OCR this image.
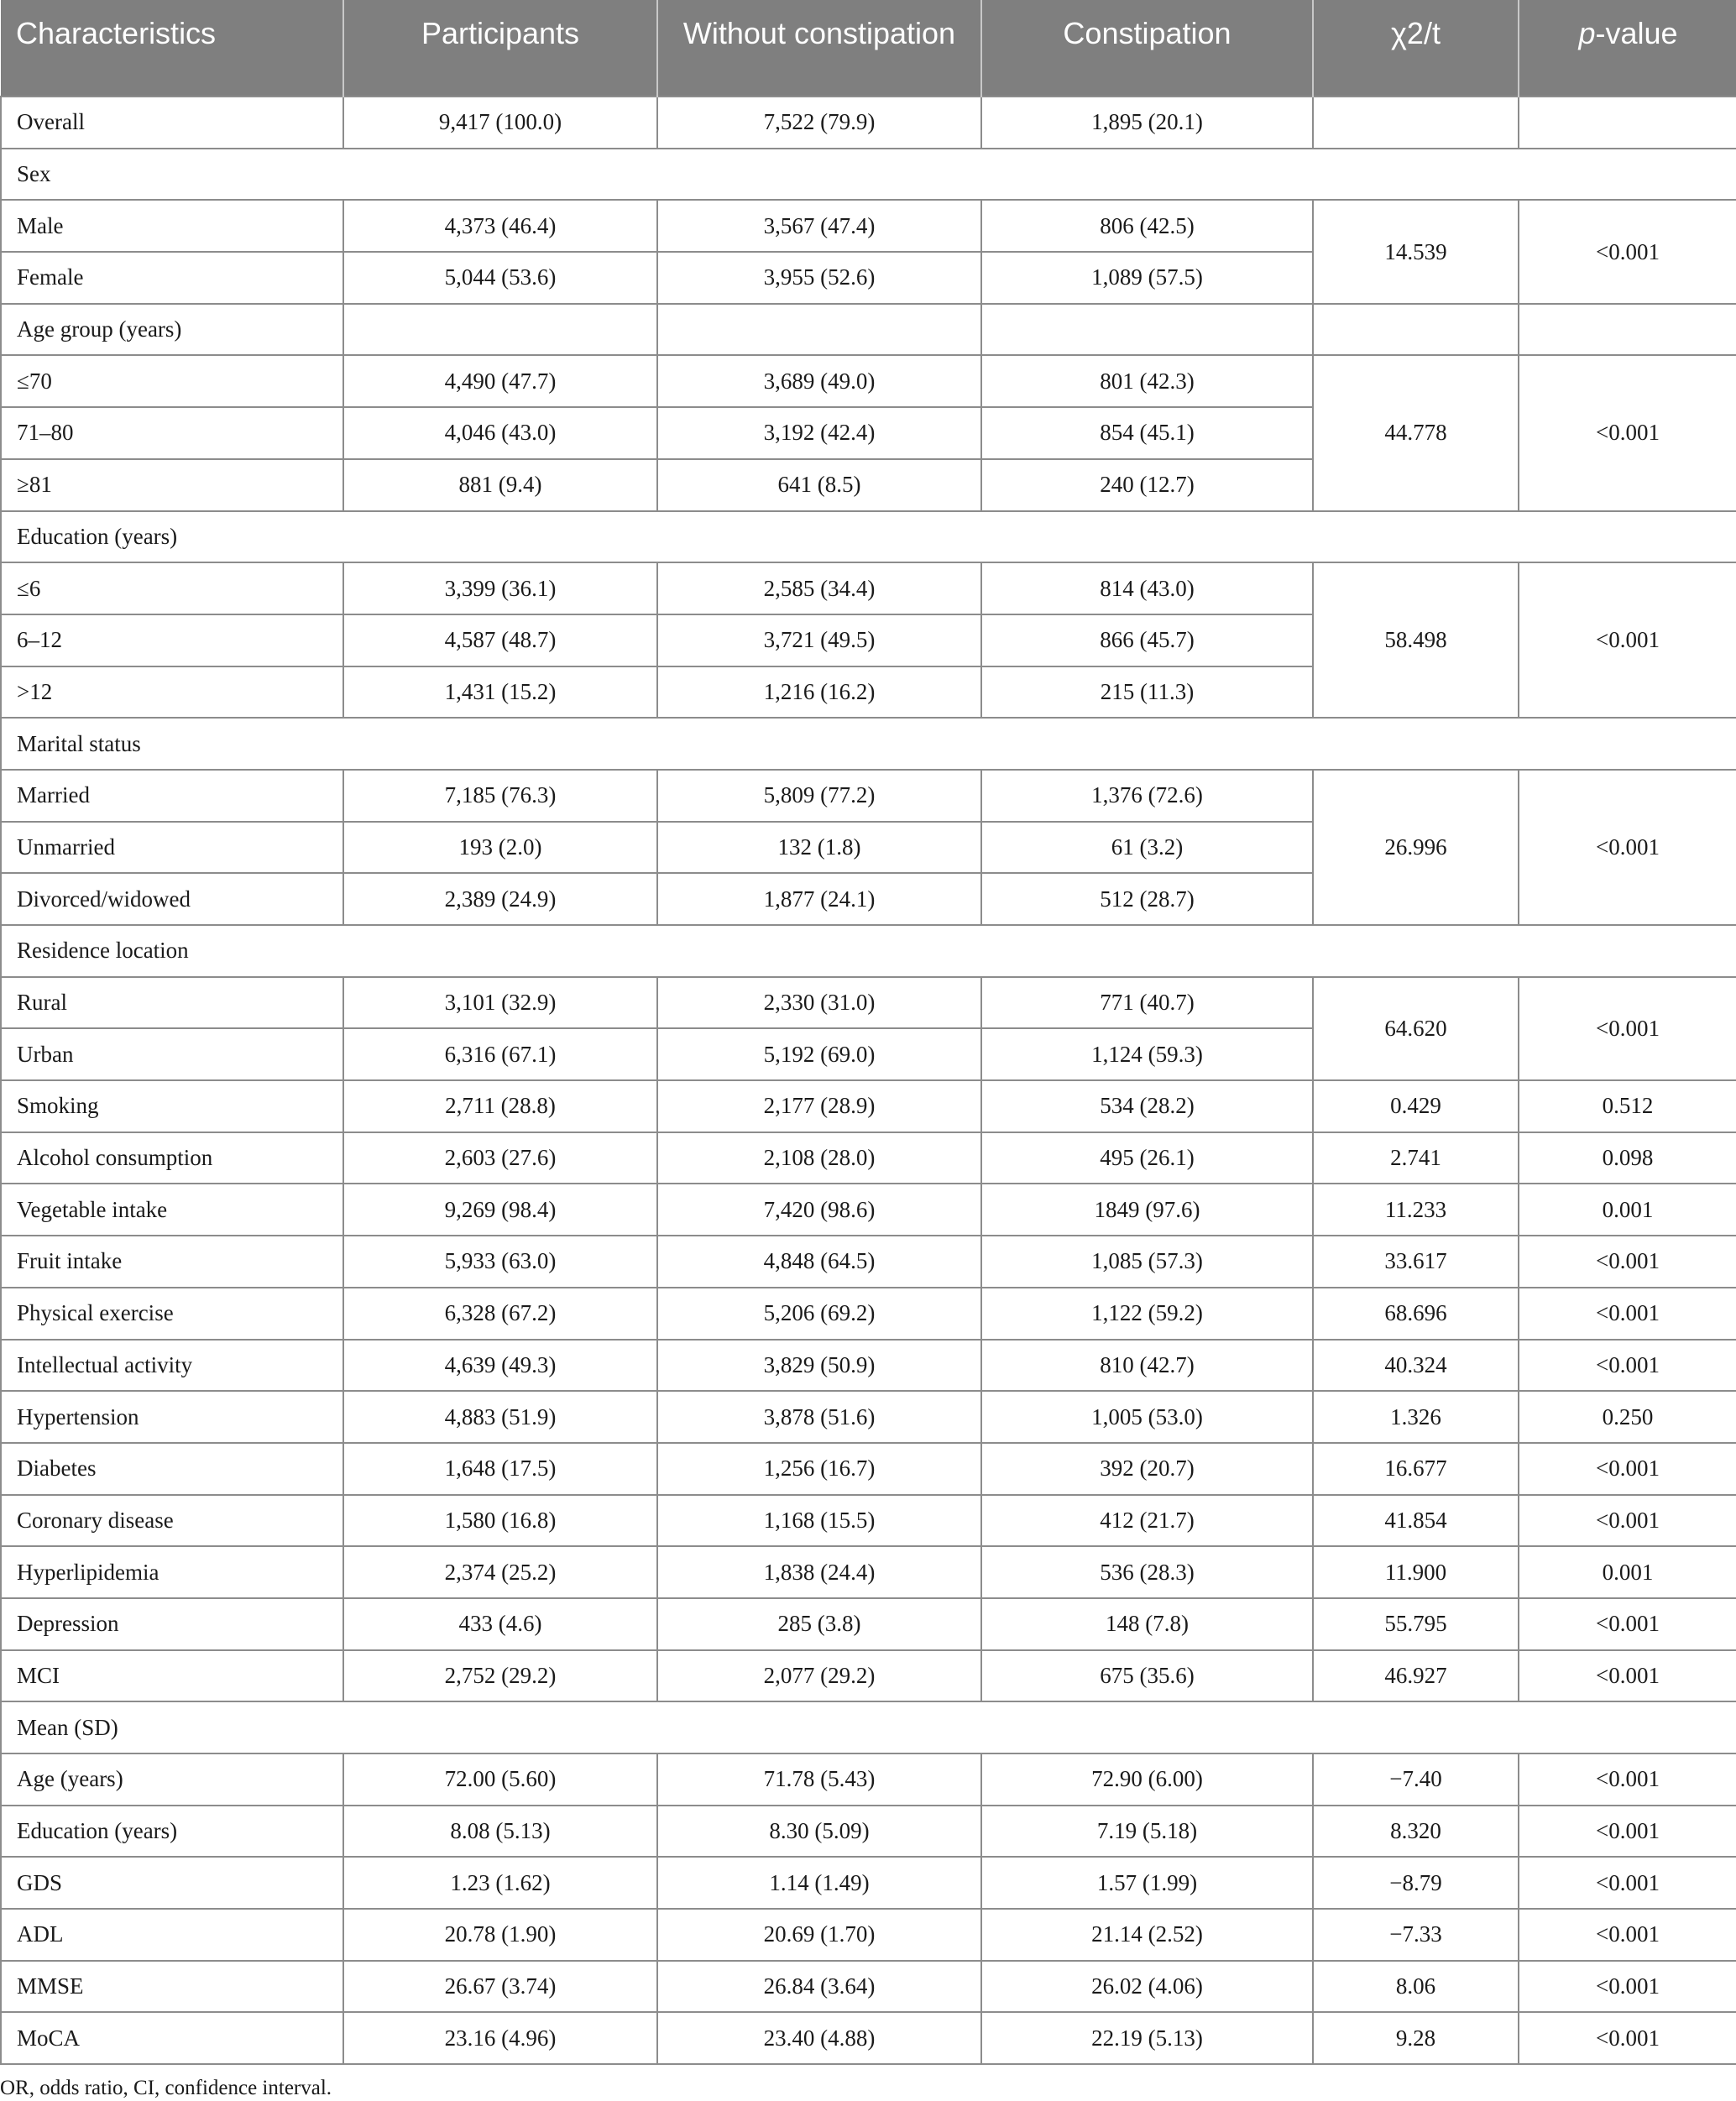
Characteristics	Participants	Without constipation	Constipation	χ2/t	p-value
Overall	9,417 (100.0)	7,522 (79.9)	1,895 (20.1)		
Sex					
Male	4,373 (46.4)	3,567 (47.4)	806 (42.5)	14.539	<0.001
Female	5,044 (53.6)	3,955 (52.6)	1,089 (57.5)		
Age group (years)					
≤70	4,490 (47.7)	3,689 (49.0)	801 (42.3)	44.778	<0.001
71–80	4,046 (43.0)	3,192 (42.4)	854 (45.1)		
≥81	881 (9.4)	641 (8.5)	240 (12.7)		
Education (years)					
≤6	3,399 (36.1)	2,585 (34.4)	814 (43.0)	58.498	<0.001
6–12	4,587 (48.7)	3,721 (49.5)	866 (45.7)		
>12	1,431 (15.2)	1,216 (16.2)	215 (11.3)		
Marital status					
Married	7,185 (76.3)	5,809 (77.2)	1,376 (72.6)	26.996	<0.001
Unmarried	193 (2.0)	132 (1.8)	61 (3.2)		
Divorced/widowed	2,389 (24.9)	1,877 (24.1)	512 (28.7)		
Residence location					
Rural	3,101 (32.9)	2,330 (31.0)	771 (40.7)	64.620	<0.001
Urban	6,316 (67.1)	5,192 (69.0)	1,124 (59.3)		
Smoking	2,711 (28.8)	2,177 (28.9)	534 (28.2)	0.429	0.512
Alcohol consumption	2,603 (27.6)	2,108 (28.0)	495 (26.1)	2.741	0.098
Vegetable intake	9,269 (98.4)	7,420 (98.6)	1849 (97.6)	11.233	0.001
Fruit intake	5,933 (63.0)	4,848 (64.5)	1,085 (57.3)	33.617	<0.001
Physical exercise	6,328 (67.2)	5,206 (69.2)	1,122 (59.2)	68.696	<0.001
Intellectual activity	4,639 (49.3)	3,829 (50.9)	810 (42.7)	40.324	<0.001
Hypertension	4,883 (51.9)	3,878 (51.6)	1,005 (53.0)	1.326	0.250
Diabetes	1,648 (17.5)	1,256 (16.7)	392 (20.7)	16.677	<0.001
Coronary disease	1,580 (16.8)	1,168 (15.5)	412 (21.7)	41.854	<0.001
Hyperlipidemia	2,374 (25.2)	1,838 (24.4)	536 (28.3)	11.900	0.001
Depression	433 (4.6)	285 (3.8)	148 (7.8)	55.795	<0.001
MCI	2,752 (29.2)	2,077 (29.2)	675 (35.6)	46.927	<0.001
Mean (SD)					
Age (years)	72.00 (5.60)	71.78 (5.43)	72.90 (6.00)	−7.40	<0.001
Education (years)	8.08 (5.13)	8.30 (5.09)	7.19 (5.18)	8.320	<0.001
GDS	1.23 (1.62)	1.14 (1.49)	1.57 (1.99)	−8.79	<0.001
ADL	20.78 (1.90)	20.69 (1.70)	21.14 (2.52)	−7.33	<0.001
MMSE	26.67 (3.74)	26.84 (3.64)	26.02 (4.06)	8.06	<0.001
MoCA	23.16 (4.96)	23.40 (4.88)	22.19 (5.13)	9.28	<0.001
OR, odds ratio, CI, confidence interval.
